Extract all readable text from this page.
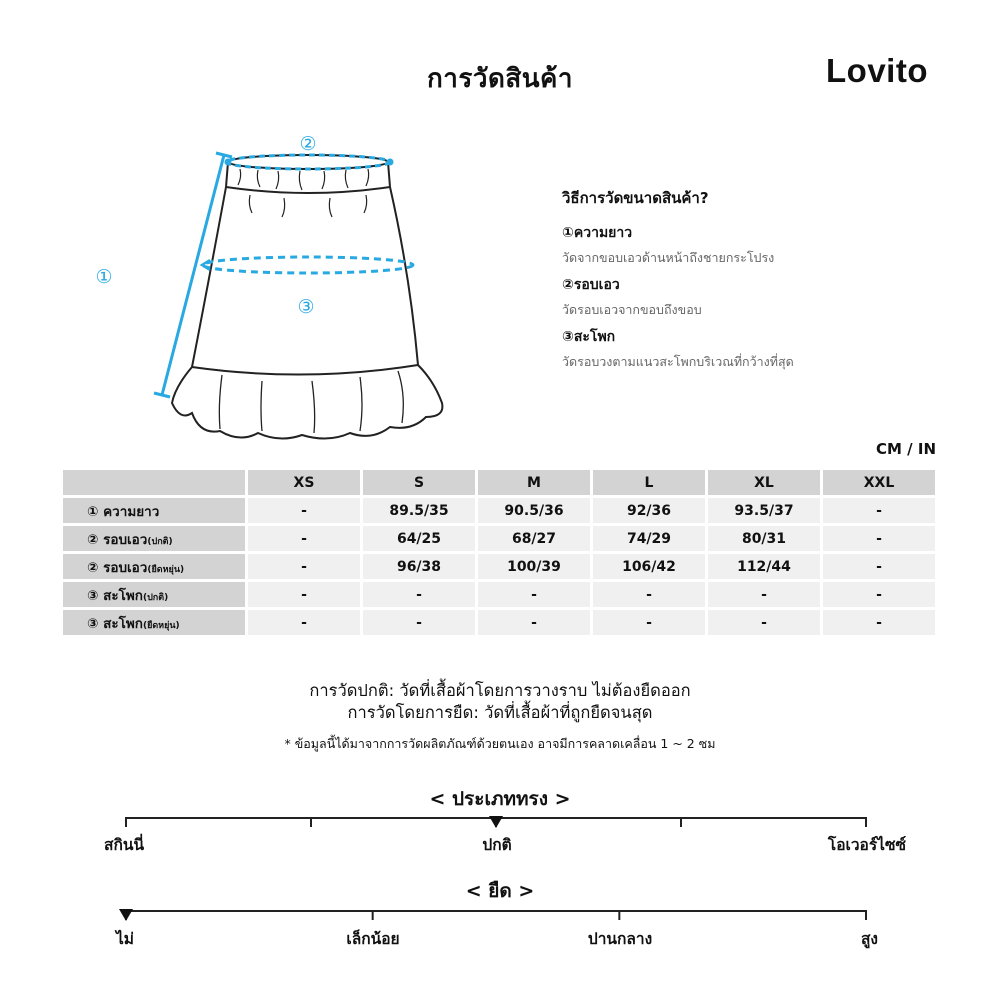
การวัดสินค้า	Lovito
②
③
①
วิธีการวัดขนาดสินค้า?
①ความยาว
วัดจากขอบเอวด้านหน้าถึงชายกระโปรง
②รอบเอว
วัดรอบเอวจากขอบถึงขอบ
③สะโพก
วัดรอบวงตามแนวสะโพกบริเวณที่กว้างที่สุด
CM / IN
	XS	S	M	L	XL	XXL
① ความยาว	-	89.5/35	90.5/36	92/36	93.5/37	-
② รอบเอว(ปกติ)	-	64/25	68/27	74/29	80/31	-
② รอบเอว(ยืดหยุ่น)	-	96/38	100/39	106/42	112/44	-
③ สะโพก(ปกติ)	-	-	-	-	-	-
③ สะโพก(ยืดหยุ่น)	-	-	-	-	-	-
การวัดปกติ: วัดที่เสื้อผ้าโดยการวางราบ ไม่ต้องยืดออก
การวัดโดยการยืด: วัดที่เสื้อผ้าที่ถูกยืดจนสุด
* ข้อมูลนี้ได้มาจากการวัดผลิตภัณฑ์ด้วยตนเอง อาจมีการคลาดเคลื่อน 1 ~ 2 ซม
< ประเภททรง >
สกินนี่	ปกติ	โอเวอร์ไซซ์
< ยืด >
ไม่	เล็กน้อย	ปานกลาง	สูง
